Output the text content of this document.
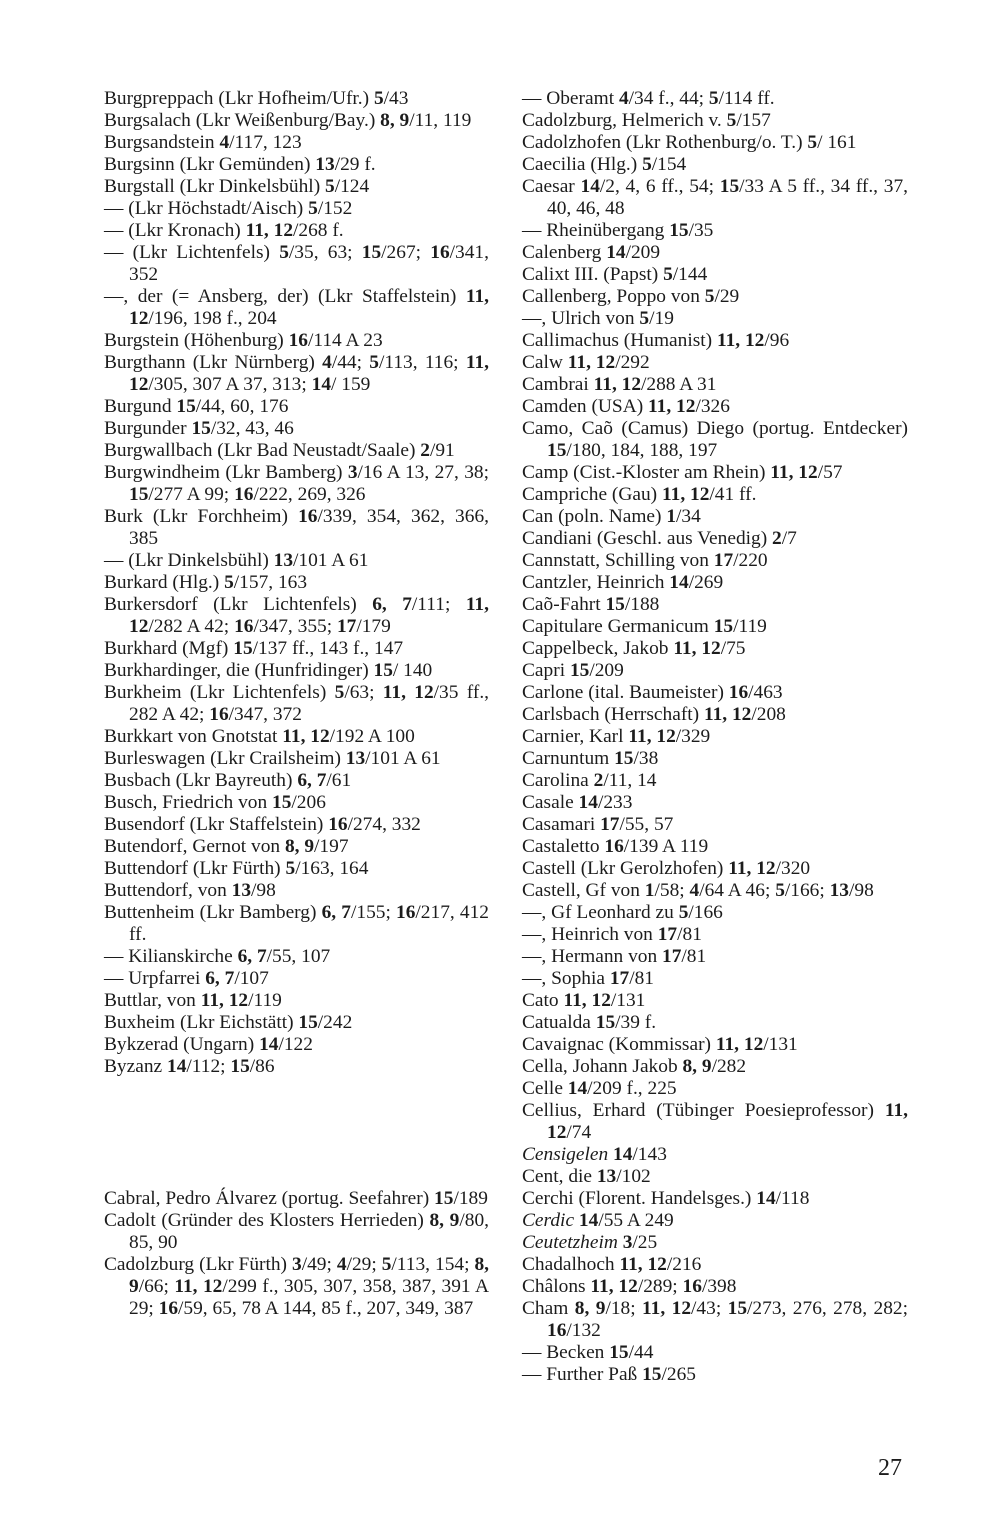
Burgpreppach (Lkr Hofheim/Ufr.) 5/43

Burgsalach (Lkr Weißenburg/Bay.) 8, 9/11, 119

Burgsandstein 4/117, 123

Burgsinn (Lkr Gemünden) 13/29 f.

Burgstall (Lkr Dinkelsbühl) 5/124

— (Lkr Höchstadt/Aisch) 5/152

— (Lkr Kronach) 11, 12/268 f.

— (Lkr Lichtenfels) 5/35, 63; 15/267; 16/341, 352

—, der (= Ansberg, der) (Lkr Staffelstein) 11, 12/196, 198 f., 204

Burgstein (Höhenburg) 16/114 A 23

Burgthann (Lkr Nürnberg) 4/44; 5/113, 116; 11, 12/305, 307 A 37, 313; 14/ 159

Burgund 15/44, 60, 176

Burgunder 15/32, 43, 46

Burgwallbach (Lkr Bad Neustadt/Saale) 2/91

Burgwindheim (Lkr Bamberg) 3/16 A 13, 27, 38; 15/277 A 99; 16/222, 269, 326

Burk (Lkr Forchheim) 16/339, 354, 362, 366, 385

— (Lkr Dinkelsbühl) 13/101 A 61

Burkard (Hlg.) 5/157, 163

Burkersdorf (Lkr Lichtenfels) 6, 7/111; 11, 12/282 A 42; 16/347, 355; 17/179

Burkhard (Mgf) 15/137 ff., 143 f., 147

Burkhardinger, die (Hunfridinger) 15/ 140

Burkheim (Lkr Lichtenfels) 5/63; 11, 12/35 ff., 282 A 42; 16/347, 372

Burkkart von Gnotstat 11, 12/192 A 100

Burleswagen (Lkr Crailsheim) 13/101 A 61

Busbach (Lkr Bayreuth) 6, 7/61

Busch, Friedrich von 15/206

Busendorf (Lkr Staffelstein) 16/274, 332

Butendorf, Gernot von 8, 9/197

Buttendorf (Lkr Fürth) 5/163, 164

Buttendorf, von 13/98

Buttenheim (Lkr Bamberg) 6, 7/155; 16/217, 412 ff.

— Kilianskirche 6, 7/55, 107

— Urpfarrei 6, 7/107

Buttlar, von 11, 12/119

Buxheim (Lkr Eichstätt) 15/242

Bykzerad (Ungarn) 14/122

Byzanz 14/112; 15/86

Cabral, Pedro Álvarez (portug. Seefahrer) 15/189

Cadolt (Gründer des Klosters Herrieden) 8, 9/80, 85, 90

Cadolzburg (Lkr Fürth) 3/49; 4/29; 5/113, 154; 8, 9/66; 11, 12/299 f., 305, 307, 358, 387, 391 A 29; 16/59, 65, 78 A 144, 85 f., 207, 349, 387

— Oberamt 4/34 f., 44; 5/114 ff.

Cadolzburg, Helmerich v. 5/157

Cadolzhofen (Lkr Rothenburg/o. T.) 5/ 161

Caecilia (Hlg.) 5/154

Caesar 14/2, 4, 6 ff., 54; 15/33 A 5 ff., 34 ff., 37, 40, 46, 48

— Rheinübergang 15/35

Calenberg 14/209

Calixt III. (Papst) 5/144

Callenberg, Poppo von 5/29

—, Ulrich von 5/19

Callimachus (Humanist) 11, 12/96

Calw 11, 12/292

Cambrai 11, 12/288 A 31

Camden (USA) 11, 12/326

Camo, Caõ (Camus) Diego (portug. Entdecker) 15/180, 184, 188, 197

Camp (Cist.-Kloster am Rhein) 11, 12/57

Campriche (Gau) 11, 12/41 ff.

Can (poln. Name) 1/34

Candiani (Geschl. aus Venedig) 2/7

Cannstatt, Schilling von 17/220

Cantzler, Heinrich 14/269

Caõ-Fahrt 15/188

Capitulare Germanicum 15/119

Cappelbeck, Jakob 11, 12/75

Capri 15/209

Carlone (ital. Baumeister) 16/463

Carlsbach (Herrschaft) 11, 12/208

Carnier, Karl 11, 12/329

Carnuntum 15/38

Carolina 2/11, 14

Casale 14/233

Casamari 17/55, 57

Castaletto 16/139 A 119

Castell (Lkr Gerolzhofen) 11, 12/320

Castell, Gf von 1/58; 4/64 A 46; 5/166; 13/98

—, Gf Leonhard zu 5/166

—, Heinrich von 17/81

—, Hermann von 17/81

—, Sophia 17/81

Cato 11, 12/131

Catualda 15/39 f.

Cavaignac (Kommissar) 11, 12/131

Cella, Johann Jakob 8, 9/282

Celle 14/209 f., 225

Cellius, Erhard (Tübinger Poesieprofessor) 11, 12/74

Censigelen 14/143

Cent, die 13/102

Cerchi (Florent. Handelsges.) 14/118

Cerdic 14/55 A 249

Ceutetzheim 3/25

Chadalhoch 11, 12/216

Châlons 11, 12/289; 16/398

Cham 8, 9/18; 11, 12/43; 15/273, 276, 278, 282; 16/132

— Becken 15/44

— Further Paß 15/265

27
